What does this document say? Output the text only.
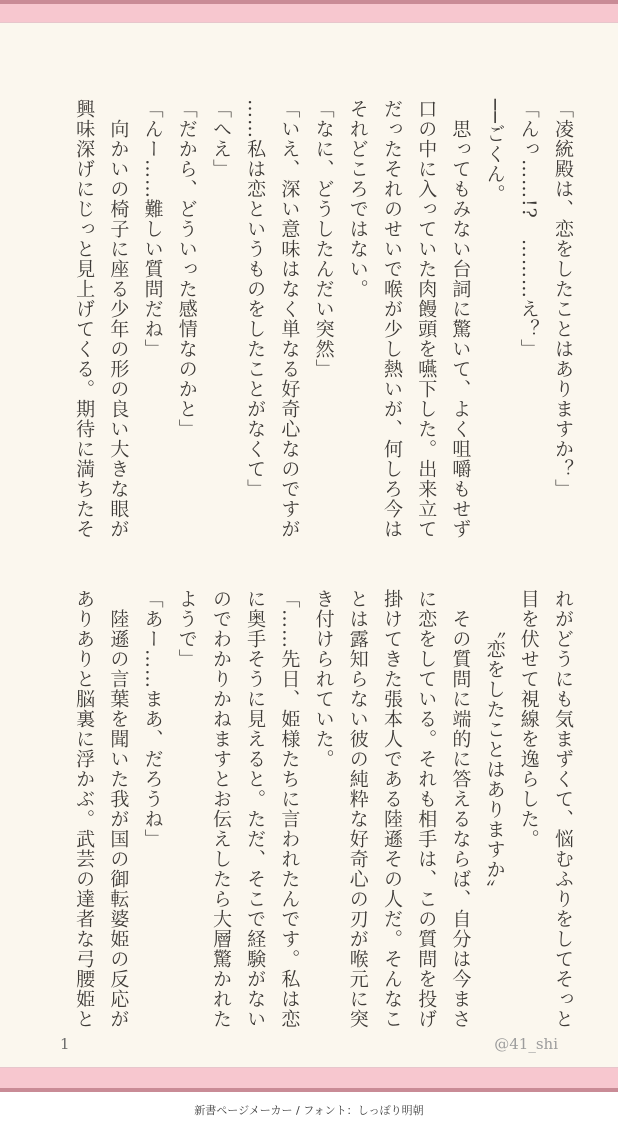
「凌統殿は、恋をしたことはありますか？」
「んっ……!?　………え？」
──ごくん。
　思ってもみない台詞に驚いて、よく咀嚼もせず
口の中に入っていた肉饅頭を嚥下した。出来立て
だったそれのせいで喉が少し熱いが、何しろ今は
それどころではない。
「なに、どうしたんだい突然」
「いえ、深い意味はなく単なる好奇心なのですが
……私は恋というものをしたことがなくて」
「へえ」
「だから、どういった感情なのかと」
「んー……難しい質問だね」
　向かいの椅子に座る少年の形の良い大きな眼が
興味深げにじっと見上げてくる。期待に満ちたそ
れがどうにも気まずくて、悩むふりをしてそっと
目を伏せて視線を逸らした。
　　〝恋をしたことはありますか〟
　その質問に端的に答えるならば、自分は今まさ
に恋をしている。それも相手は、この質問を投げ
掛けてきた張本人である陸遜その人だ。そんなこ
とは露知らない彼の純粋な好奇心の刃が喉元に突
き付けられていた。
「……先日、姫様たちに言われたんです。私は恋
に奥手そうに見えると。ただ、そこで経験がない
のでわかりかねますとお伝えしたら大層驚かれた
ようで」
「あー……まあ、だろうね」
　陸遜の言葉を聞いた我が国の御転婆姫の反応が
ありありと脳裏に浮かぶ。武芸の達者な弓腰姫と
1	@41_shi
新書ページメーカー / フォント：しっぽり明朝
